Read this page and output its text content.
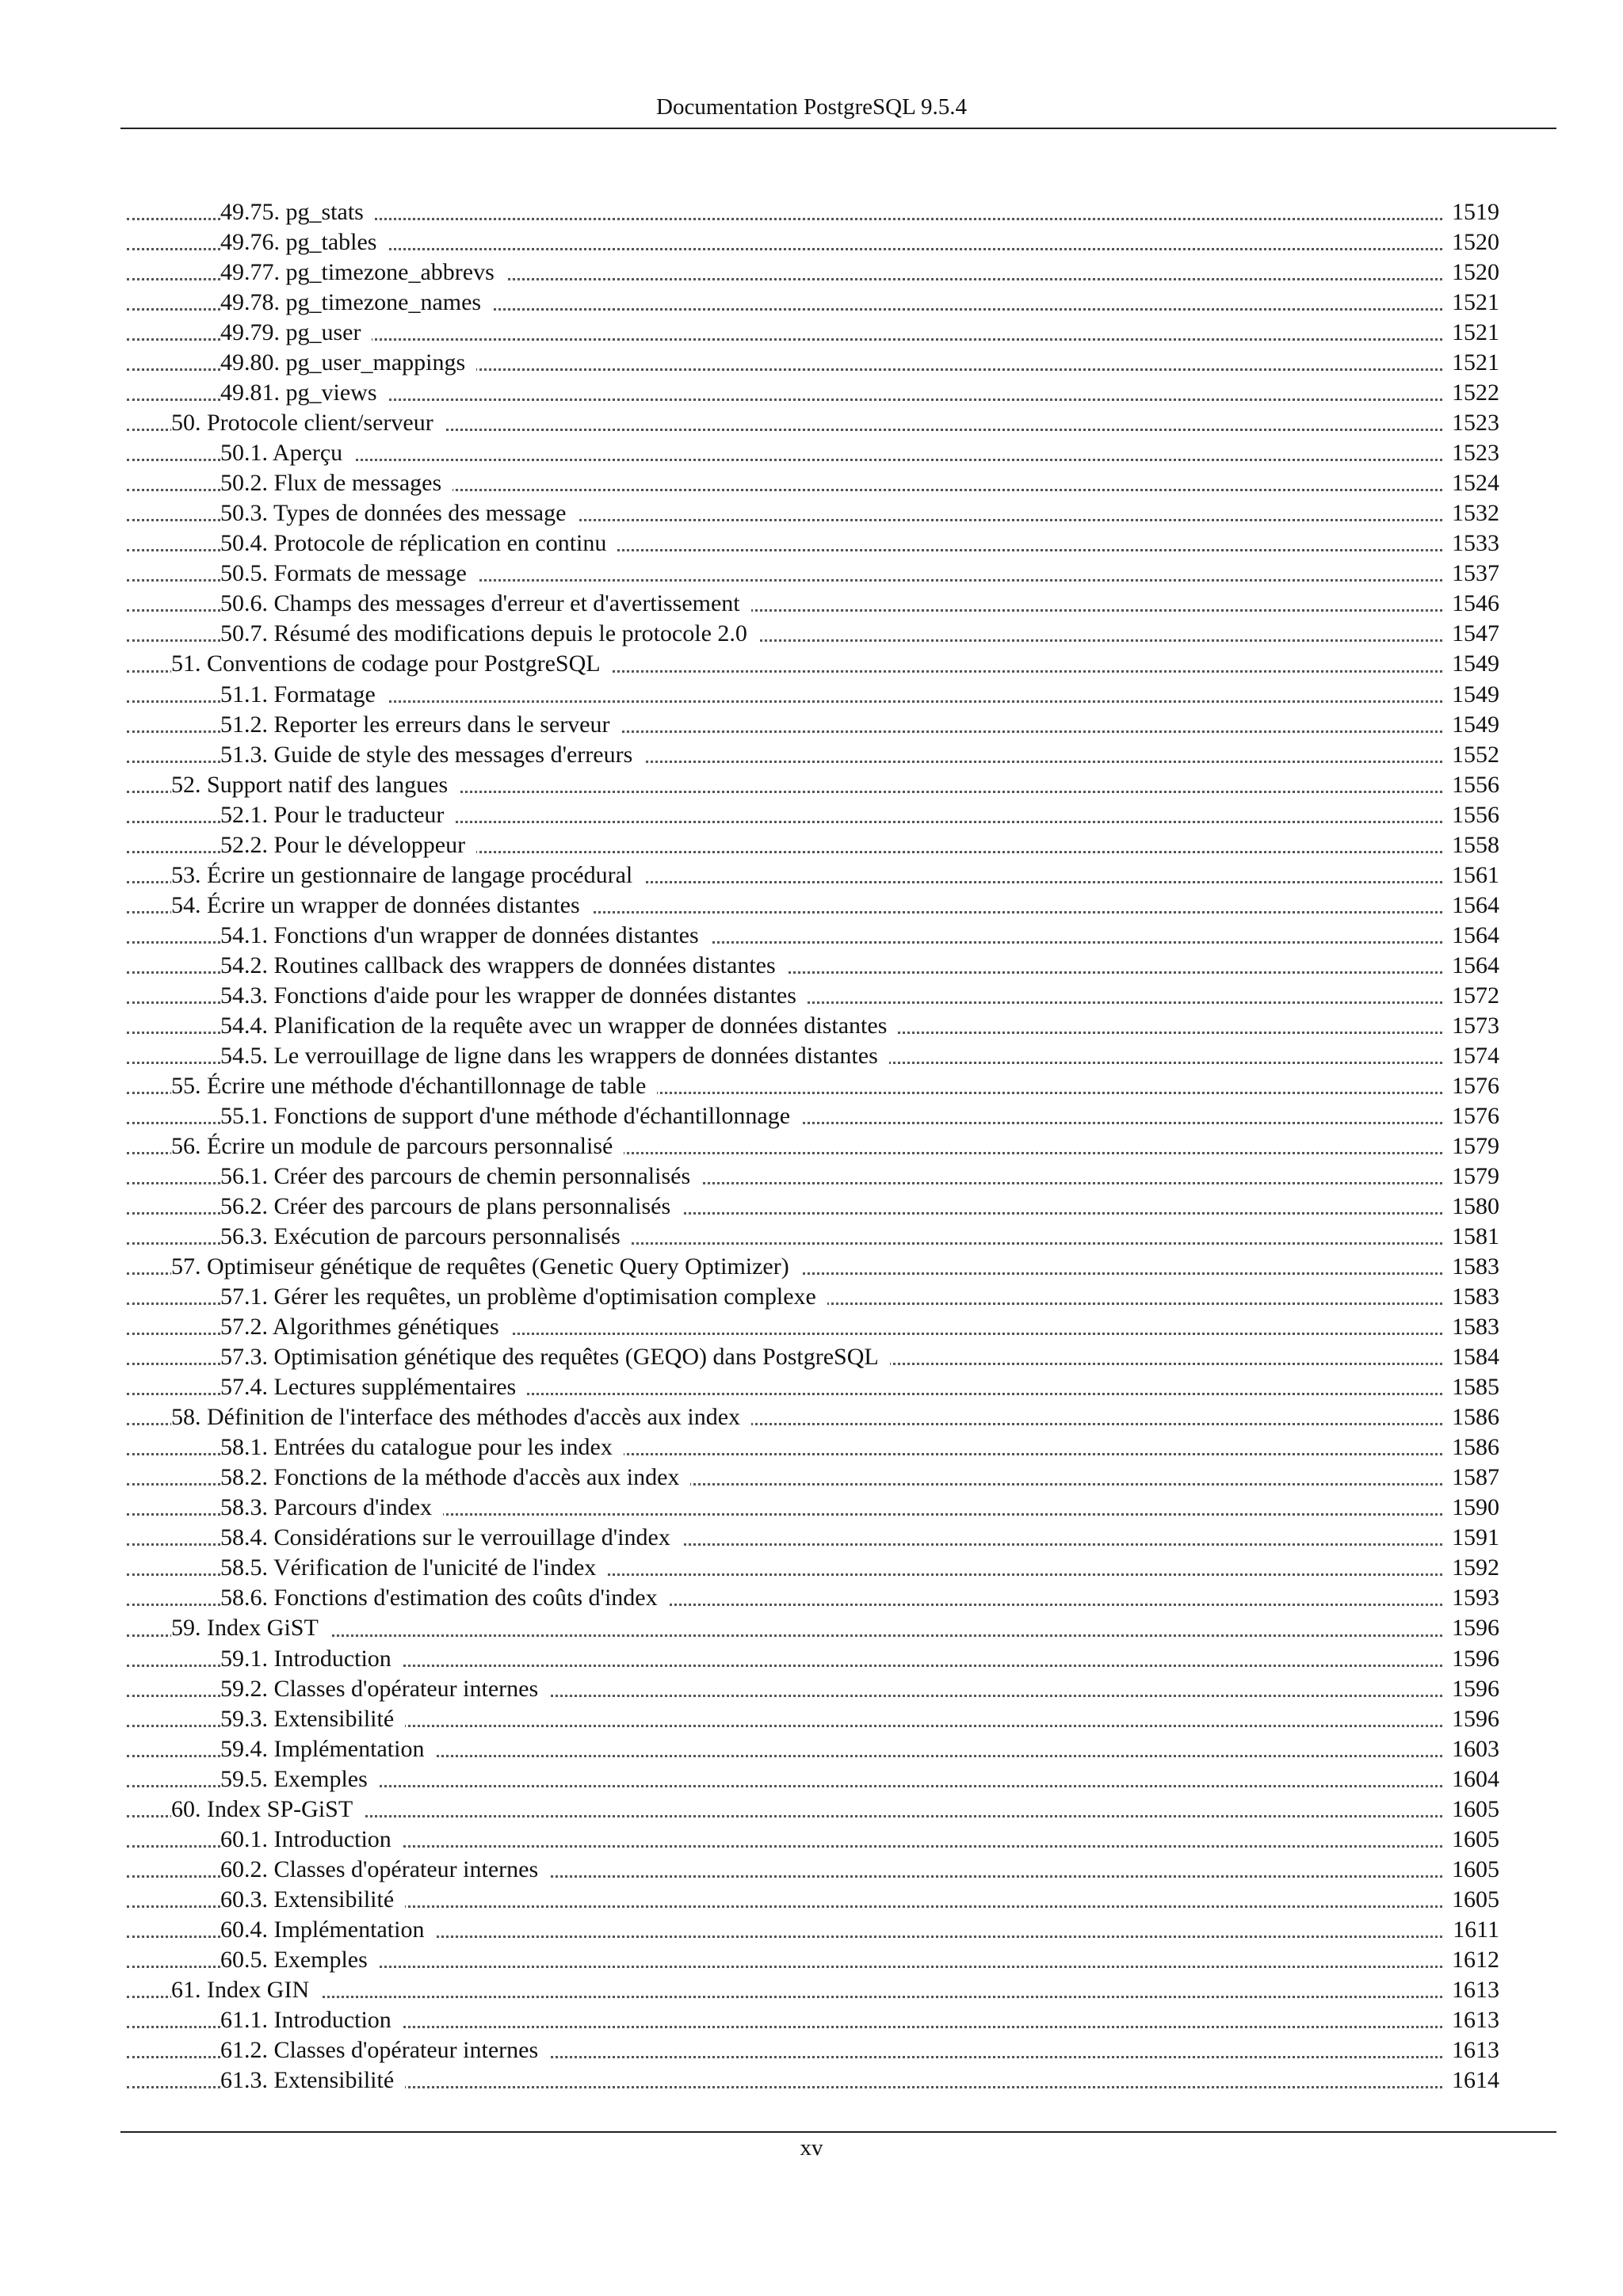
Documentation PostgreSQL 9.5.4
49.75. pg_stats	1519
49.76. pg_tables	1520
49.77. pg_timezone_abbrevs	1520
49.78. pg_timezone_names	1521
49.79. pg_user	1521
49.80. pg_user_mappings	1521
49.81. pg_views	1522
50. Protocole client/serveur	1523
50.1. Aperçu	1523
50.2. Flux de messages	1524
50.3. Types de données des message	1532
50.4. Protocole de réplication en continu	1533
50.5. Formats de message	1537
50.6. Champs des messages d'erreur et d'avertissement	1546
50.7. Résumé des modifications depuis le protocole 2.0	1547
51. Conventions de codage pour PostgreSQL	1549
51.1. Formatage	1549
51.2. Reporter les erreurs dans le serveur	1549
51.3. Guide de style des messages d'erreurs	1552
52. Support natif des langues	1556
52.1. Pour le traducteur	1556
52.2. Pour le développeur	1558
53. Écrire un gestionnaire de langage procédural	1561
54. Écrire un wrapper de données distantes	1564
54.1. Fonctions d'un wrapper de données distantes	1564
54.2. Routines callback des wrappers de données distantes	1564
54.3. Fonctions d'aide pour les wrapper de données distantes	1572
54.4. Planification de la requête avec un wrapper de données distantes	1573
54.5. Le verrouillage de ligne dans les wrappers de données distantes	1574
55. Écrire une méthode d'échantillonnage de table	1576
55.1. Fonctions de support d'une méthode d'échantillonnage	1576
56. Écrire un module de parcours personnalisé	1579
56.1. Créer des parcours de chemin personnalisés	1579
56.2. Créer des parcours de plans personnalisés	1580
56.3. Exécution de parcours personnalisés	1581
57. Optimiseur génétique de requêtes (Genetic Query Optimizer)	1583
57.1. Gérer les requêtes, un problème d'optimisation complexe	1583
57.2. Algorithmes génétiques	1583
57.3. Optimisation génétique des requêtes (GEQO) dans PostgreSQL	1584
57.4. Lectures supplémentaires	1585
58. Définition de l'interface des méthodes d'accès aux index	1586
58.1. Entrées du catalogue pour les index	1586
58.2. Fonctions de la méthode d'accès aux index	1587
58.3. Parcours d'index	1590
58.4. Considérations sur le verrouillage d'index	1591
58.5. Vérification de l'unicité de l'index	1592
58.6. Fonctions d'estimation des coûts d'index	1593
59. Index GiST	1596
59.1. Introduction	1596
59.2. Classes d'opérateur internes	1596
59.3. Extensibilité	1596
59.4. Implémentation	1603
59.5. Exemples	1604
60. Index SP-GiST	1605
60.1. Introduction	1605
60.2. Classes d'opérateur internes	1605
60.3. Extensibilité	1605
60.4. Implémentation	1611
60.5. Exemples	1612
61. Index GIN	1613
61.1. Introduction	1613
61.2. Classes d'opérateur internes	1613
61.3. Extensibilité	1614
xv
